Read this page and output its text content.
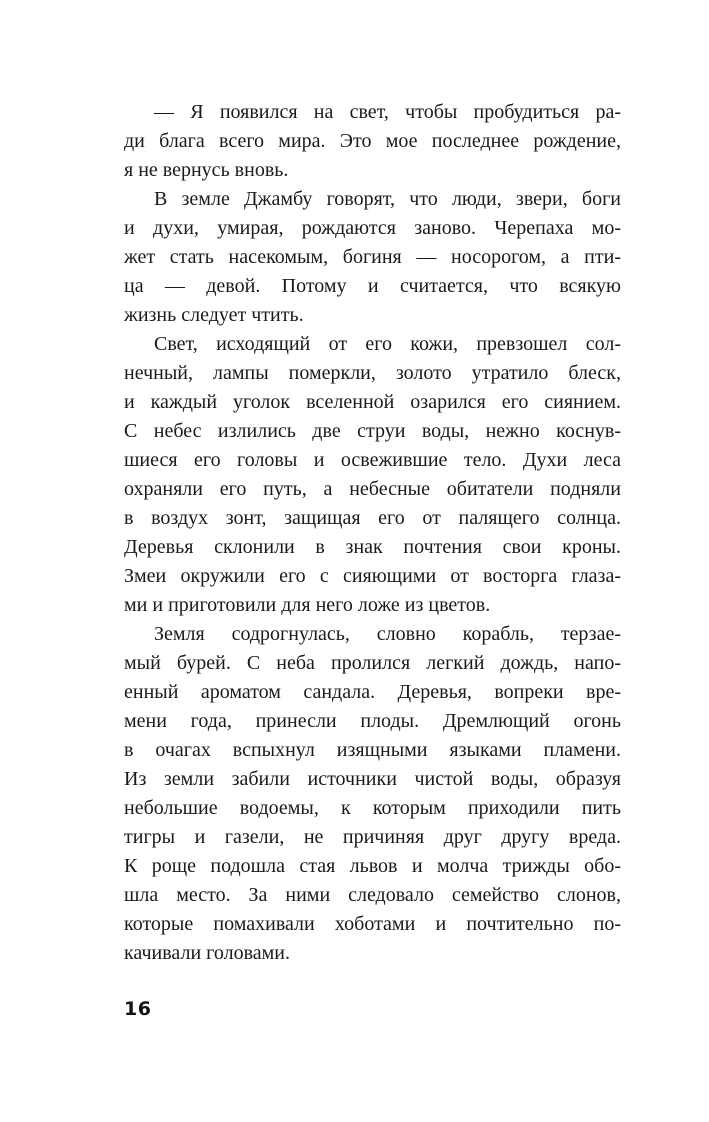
— Я появился на свет, чтобы пробудиться ра-
ди блага всего мира. Это мое последнее рождение,
я не вернусь вновь.
В земле Джамбу говорят, что люди, звери, боги
и духи, умирая, рождаются заново. Черепаха мо-
жет стать насекомым, богиня — носорогом, а пти-
ца — девой. Потому и считается, что всякую
жизнь следует чтить.
Свет, исходящий от его кожи, превзошел сол-
нечный, лампы померкли, золото утратило блеск,
и каждый уголок вселенной озарился его сиянием.
С небес излились две струи воды, нежно коснув-
шиеся его головы и освежившие тело. Духи леса
охраняли его путь, а небесные обитатели подняли
в воздух зонт, защищая его от палящего солнца.
Деревья склонили в знак почтения свои кроны.
Змеи окружили его с сияющими от восторга глаза-
ми и приготовили для него ложе из цветов.
Земля содрогнулась, словно корабль, терзае-
мый бурей. С неба пролился легкий дождь, напо-
енный ароматом сандала. Деревья, вопреки вре-
мени года, принесли плоды. Дремлющий огонь
в очагах вспыхнул изящными языками пламени.
Из земли забили источники чистой воды, образуя
небольшие водоемы, к которым приходили пить
тигры и газели, не причиняя друг другу вреда.
К роще подошла стая львов и молча трижды обо-
шла место. За ними следовало семейство слонов,
которые помахивали хоботами и почтительно по-
качивали головами.
16
